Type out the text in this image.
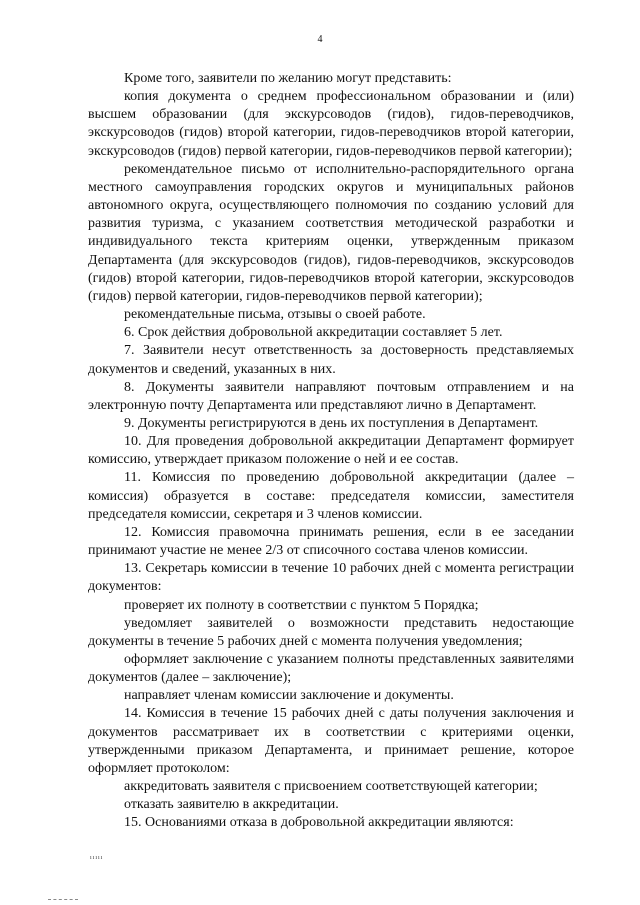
4

Кроме того, заявители по желанию могут представить:

копия документа о среднем профессиональном образовании и (или) высшем образовании (для экскурсоводов (гидов), гидов-переводчиков, экскурсоводов (гидов) второй категории, гидов-переводчиков второй категории, экскурсоводов (гидов) первой категории, гидов-переводчиков первой категории);

рекомендательное письмо от исполнительно-распорядительного органа местного самоуправления городских округов и муниципальных районов автономного округа, осуществляющего полномочия по созданию условий для развития туризма, с указанием соответствия методической разработки и индивидуального текста критериям оценки, утвержденным приказом Департамента (для экскурсоводов (гидов), гидов-переводчиков, экскурсоводов (гидов) второй категории, гидов-переводчиков второй категории, экскурсоводов (гидов) первой категории, гидов-переводчиков первой категории);

рекомендательные письма, отзывы о своей работе.

6. Срок действия добровольной аккредитации составляет 5 лет.

7. Заявители несут ответственность за достоверность представляемых документов и сведений, указанных в них.

8. Документы заявители направляют почтовым отправлением и на электронную почту Департамента или представляют лично в Департамент.

9. Документы регистрируются в день их поступления в Департамент.

10. Для проведения добровольной аккредитации Департамент формирует комиссию, утверждает приказом положение о ней и ее состав.

11. Комиссия по проведению добровольной аккредитации (далее – комиссия) образуется в составе: председателя комиссии, заместителя председателя комиссии, секретаря и 3 членов комиссии.

12. Комиссия правомочна принимать решения, если в ее заседании принимают участие не менее 2/3 от списочного состава членов комиссии.

13. Секретарь комиссии в течение 10 рабочих дней с момента регистрации документов:

проверяет их полноту в соответствии с пунктом 5 Порядка;

уведомляет заявителей о возможности представить недостающие документы в течение 5 рабочих дней с момента получения уведомления;

оформляет заключение с указанием полноты представленных заявителями документов (далее – заключение);

направляет членам комиссии заключение и документы.

14. Комиссия в течение 15 рабочих дней с даты получения заключения и документов рассматривает их в соответствии с критериями оценки, утвержденными приказом Департамента, и принимает решение, которое оформляет протоколом:

аккредитовать заявителя с присвоением соответствующей категории;

отказать заявителю в аккредитации.

15. Основаниями отказа в добровольной аккредитации являются:

ııııı
